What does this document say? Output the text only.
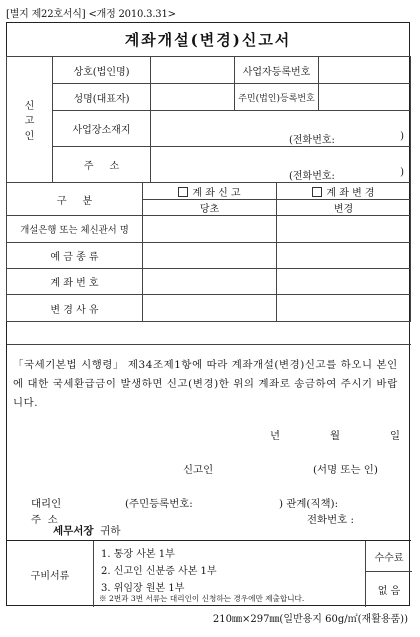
[별지 제22호서식] <개정 2010.3.31>
계좌개설(변경)신고서
신
고
인	상호(법인명)		사업자등록번호	
	성명(대표자)		주민(법인)등록번호	
	사업장소재지	(전화번호: )		

	주     소	(전화번호: )		
구     분	계 좌 신 고	계 좌 변 경
	당초	변경
개설은행 또는 체신관서 명		
예 금 종 류		
계 좌 번 호		
변 경 사 유		
「국세기본법 시행령」 제34조제1항에 따라 계좌개설(변경)신고를 하오니 본인에 대한 국세환급금이 발생하면 신고(변경)한 위의 계좌로 송금하여 주시기 바랍니다.
년	월	일
신고인	(서명 또는 인)
대리인	(주민등록번호:	) 관계(직책):
주  소	전화번호 :
세무서장 귀하
구비서류
1. 통장 사본 1부
2. 신고인 신분증 사본 1부
3. 위임장 원본 1부
※ 2번과 3번 서류는 대리인이 신청하는 경우에만 제출합니다.
수수료
없 음
210㎜×297㎜(일반용지 60g/㎡(재활용품))
